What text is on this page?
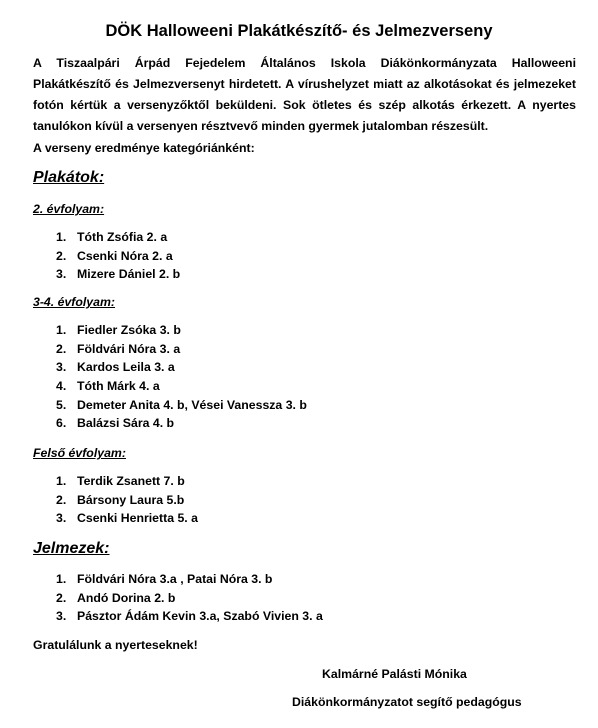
DÖK Halloweeni Plakátkészítő- és Jelmezverseny
A Tiszaalpári Árpád Fejedelem Általános Iskola Diákönkormányzata Halloweeni Plakátkészítő és Jelmezversenyt hirdetett. A vírushelyzet miatt az alkotásokat és jelmezeket fotón kértük a versenyzőktől beküldeni. Sok ötletes és szép alkotás érkezett. A nyertes tanulókon kívül a versenyen résztvevő minden gyermek jutalomban részesült.
A verseny eredménye kategóriánként:
Plakátok:
2. évfolyam:
1. Tóth Zsófia 2. a
2. Csenki Nóra 2. a
3. Mizere Dániel 2. b
3-4. évfolyam:
1. Fiedler Zsóka 3. b
2. Földvári Nóra 3. a
3. Kardos Leila 3. a
4. Tóth Márk 4. a
5. Demeter Anita 4. b, Vései Vanessza 3. b
6. Balázsi Sára 4. b
Felső évfolyam:
1. Terdik Zsanett 7. b
2. Bársony Laura 5.b
3. Csenki Henrietta 5. a
Jelmezek:
1. Földvári Nóra 3.a , Patai Nóra 3. b
2. Andó Dorina 2. b
3. Pásztor Ádám Kevin 3.a, Szabó Vivien 3. a
Gratulálunk a nyerteseknek!
Kalmárné Palásti Mónika
Diákönkormányzatot segítő pedagógus
